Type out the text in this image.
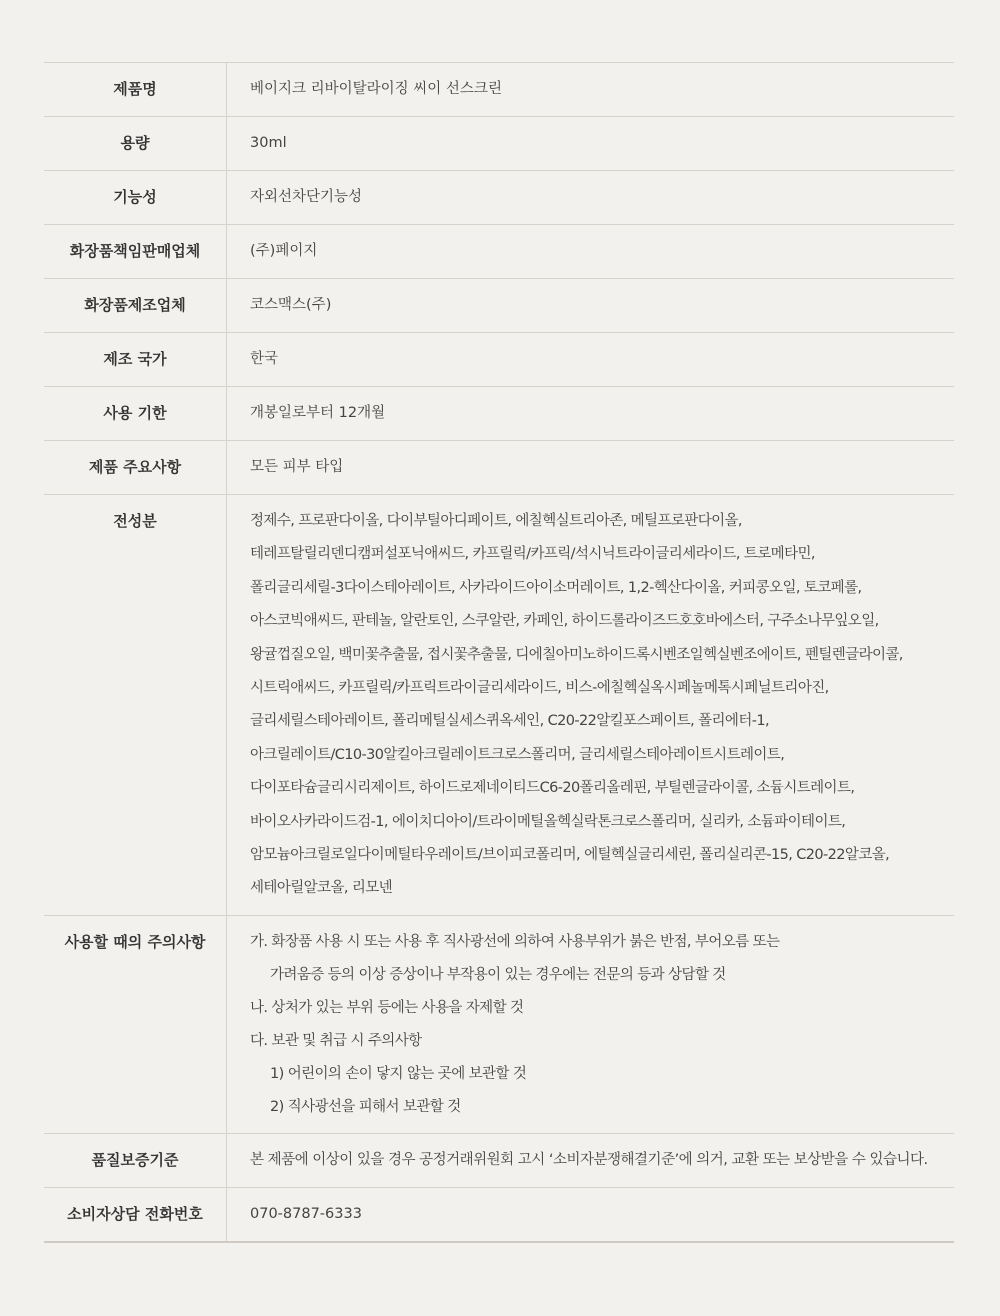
제품명	베이지크 리바이탈라이징 씨이 선스크린
용량	30ml
기능성	자외선차단기능성
화장품책임판매업체	(주)페이지
화장품제조업체	코스맥스(주)
제조 국가	한국
사용 기한	개봉일로부터 12개월
제품 주요사항	모든 피부 타입
전성분	정제수, 프로판다이올, 다이부틸아디페이트, 에칠헥실트리아존, 메틸프로판다이올,
테레프탈릴리덴디캠퍼설포닉애씨드, 카프릴릭/카프릭/석시닉트라이글리세라이드, 트로메타민,
폴리글리세릴-3다이스테아레이트, 사카라이드아이소머레이트, 1,2-헥산다이올, 커피콩오일, 토코페롤,
아스코빅애씨드, 판테놀, 알란토인, 스쿠알란, 카페인, 하이드롤라이즈드호호바에스터, 구주소나무잎오일,
왕귤껍질오일, 백미꽃추출물, 접시꽃추출물, 디에칠아미노하이드록시벤조일헥실벤조에이트, 펜틸렌글라이콜,
시트릭애씨드, 카프릴릭/카프릭트라이글리세라이드, 비스-에칠헥실옥시페놀메톡시페닐트리아진,
글리세릴스테아레이트, 폴리메틸실세스퀴옥세인, C20-22알킬포스페이트, 폴리에터-1,
아크릴레이트/C10-30알킬아크릴레이트크로스폴리머, 글리세릴스테아레이트시트레이트,
다이포타슘글리시리제이트, 하이드로제네이티드C6-20폴리올레핀, 부틸렌글라이콜, 소듐시트레이트,
바이오사카라이드검-1, 에이치디아이/트라이메틸올헥실락톤크로스폴리머, 실리카, 소듐파이테이트,
암모늄아크릴로일다이메틸타우레이트/브이피코폴리머, 에틸헥실글리세린, 폴리실리콘-15, C20-22알코올,
세테아릴알코올, 리모넨
사용할 때의 주의사항	가. 화장품 사용 시 또는 사용 후 직사광선에 의하여 사용부위가 붉은 반점, 부어오름 또는
가려움증 등의 이상 증상이나 부작용이 있는 경우에는 전문의 등과 상담할 것
나. 상처가 있는 부위 등에는 사용을 자제할 것
다. 보관 및 취급 시 주의사항
1) 어린이의 손이 닿지 않는 곳에 보관할 것
2) 직사광선을 피해서 보관할 것
품질보증기준	본 제품에 이상이 있을 경우 공정거래위원회 고시 ‘소비자분쟁해결기준’에 의거, 교환 또는 보상받을 수 있습니다.
소비자상담 전화번호	070-8787-6333
